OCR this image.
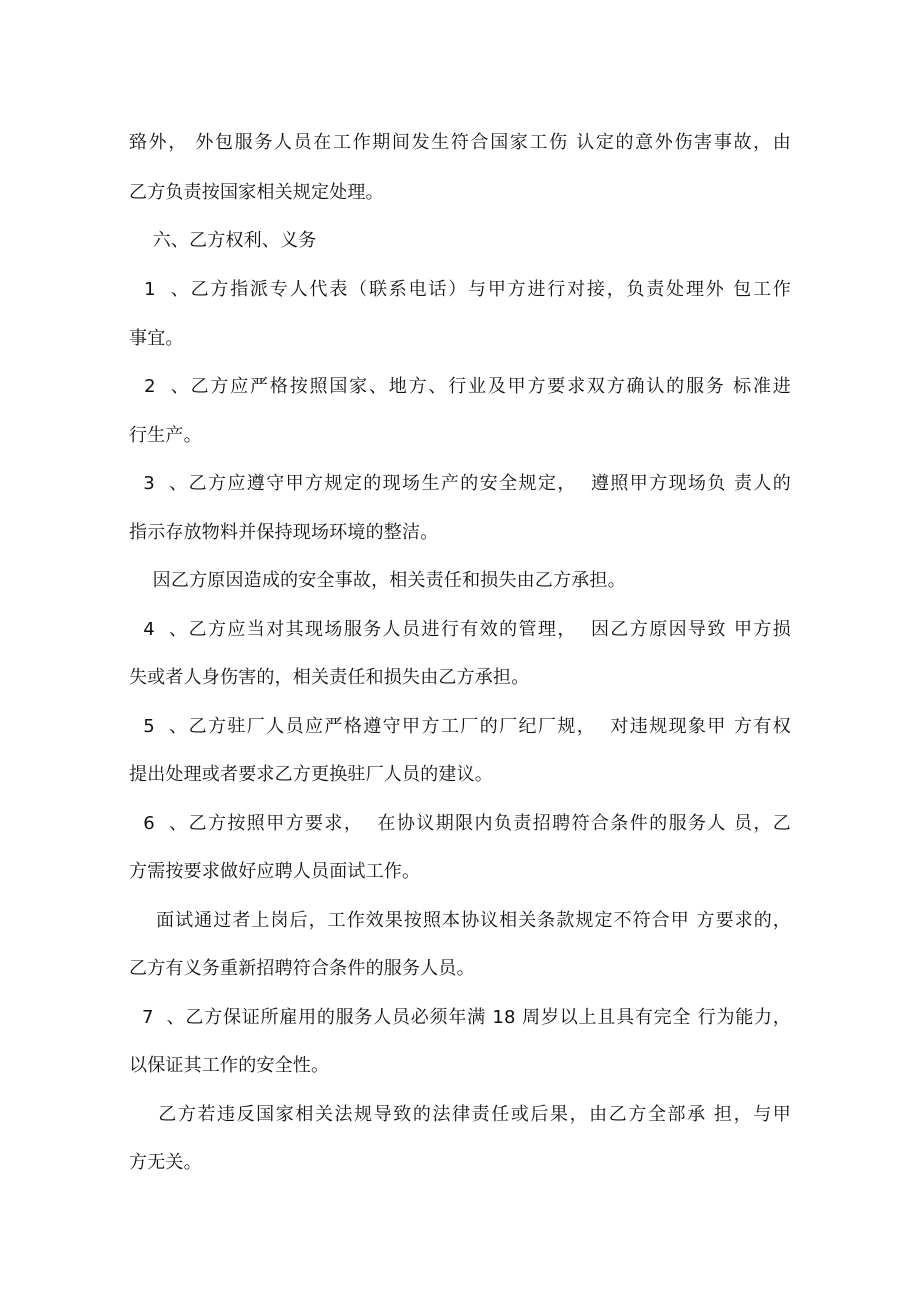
臵外， 外包服务人员在工作期间发生符合国家工伤 认定的意外伤害事故，由
乙方负责按国家相关规定处理。
六、乙方权利、义务
1  、乙方指派专人代表（联系电话）与甲方进行对接，负责处理外 包工作
事宜。
2  、乙方应严格按照国家、地方、行业及甲方要求双方确认的服务 标准进
行生产。
3  、乙方应遵守甲方规定的现场生产的安全规定，  遵照甲方现场负 责人的
指示存放物料并保持现场环境的整洁。
因乙方原因造成的安全事故，相关责任和损失由乙方承担。
4  、乙方应当对其现场服务人员进行有效的管理，  因乙方原因导致 甲方损
失或者人身伤害的，相关责任和损失由乙方承担。
5  、乙方驻厂人员应严格遵守甲方工厂的厂纪厂规，  对违规现象甲 方有权
提出处理或者要求乙方更换驻厂人员的建议。
6  、乙方按照甲方要求，  在协议期限内负责招聘符合条件的服务人 员，乙
方需按要求做好应聘人员面试工作。
面试通过者上岗后，工作效果按照本协议相关条款规定不符合甲 方要求的，
乙方有义务重新招聘符合条件的服务人员。
7  、乙方保证所雇用的服务人员必须年满 18 周岁以上且具有完全 行为能力，
以保证其工作的安全性。
乙方若违反国家相关法规导致的法律责任或后果，由乙方全部承 担，与甲
方无关。
